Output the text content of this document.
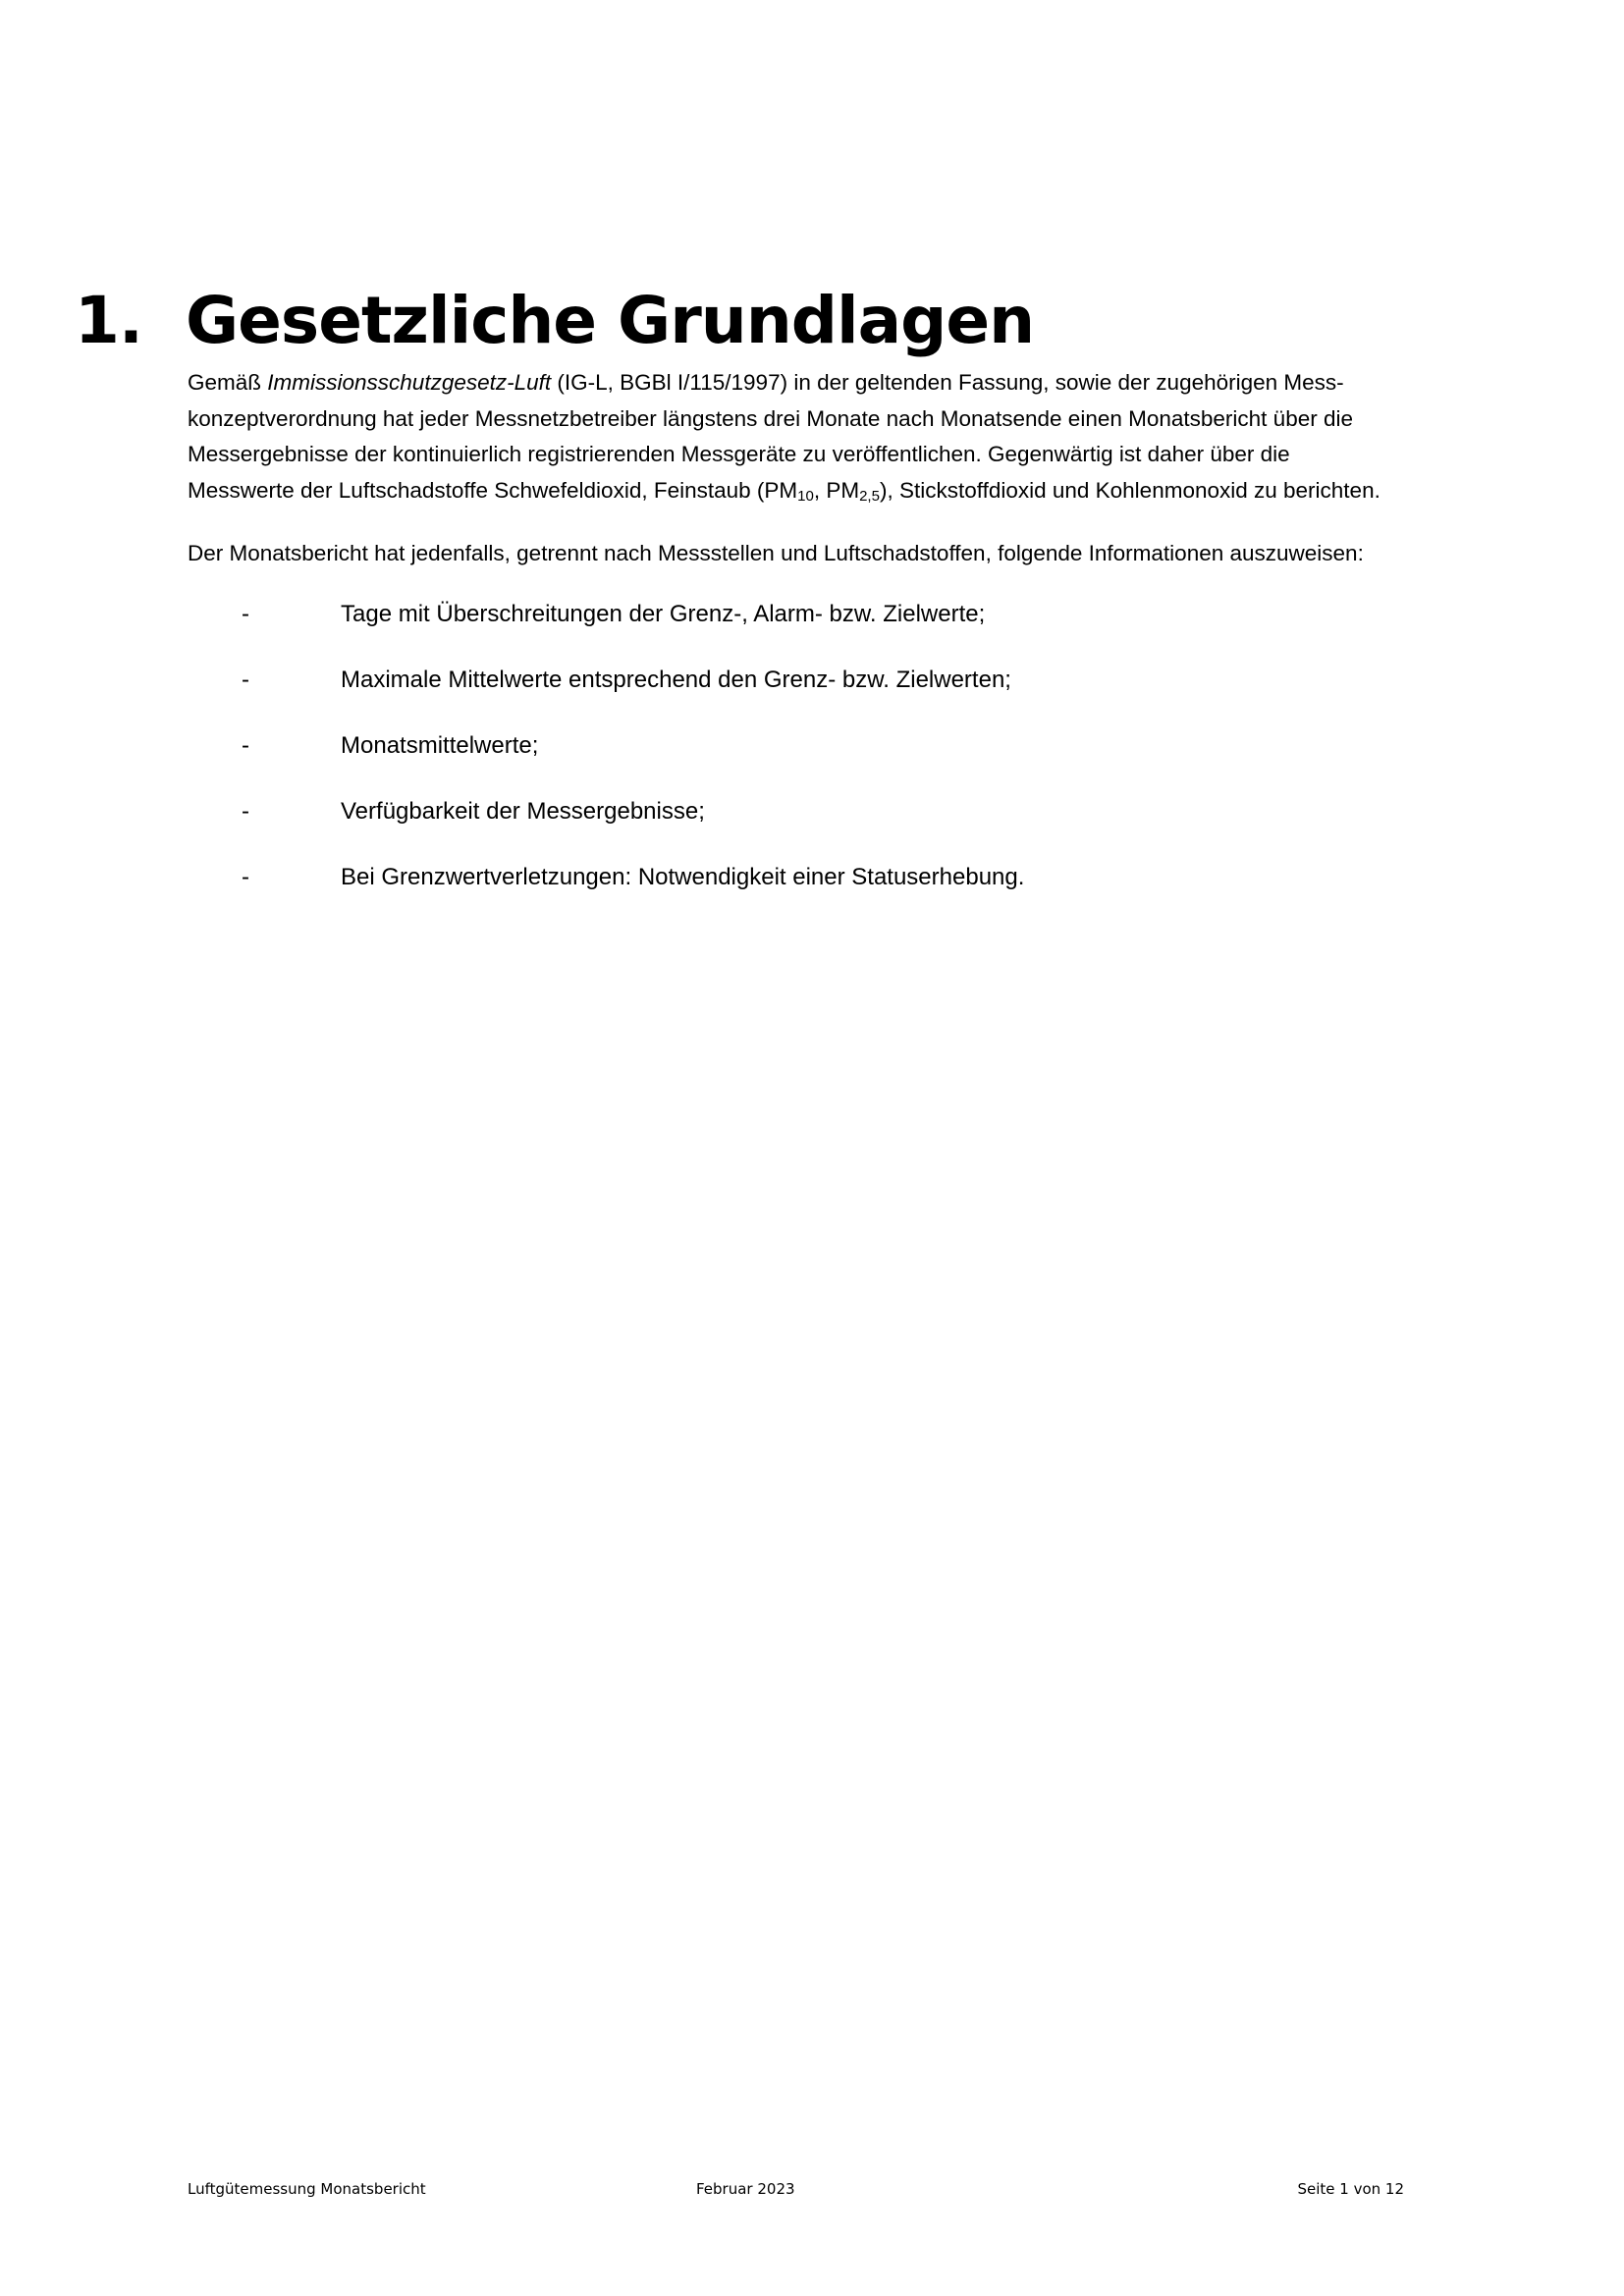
1. Gesetzliche Grundlagen

Gemäß Immissionsschutzgesetz-Luft (IG-L, BGBl I/115/1997) in der geltenden Fassung, sowie der zugehörigen Mess-
konzeptverordnung hat jeder Messnetzbetreiber längstens drei Monate nach Monatsende einen Monatsbericht über die
Messergebnisse der kontinuierlich registrierenden Messgeräte zu veröffentlichen. Gegenwärtig ist daher über die
Messwerte der Luftschadstoffe Schwefeldioxid, Feinstaub ($PM_{10}$, $PM_{2,5}$), Stickstoffdioxid und Kohlenmonoxid zu berichten.

Der Monatsbericht hat jedenfalls, getrennt nach Messstellen und Luftschadstoffen, folgende Informationen auszuweisen:

-	Tage mit Überschreitungen der Grenz-, Alarm- bzw. Zielwerte;
-	Maximale Mittelwerte entsprechend den Grenz- bzw. Zielwerten;
-	Monatsmittelwerte;
-	Verfügbarkeit der Messergebnisse;
-	Bei Grenzwertverletzungen: Notwendigkeit einer Statuserhebung.
Luftgütemessung Monatsbericht	Februar 2023	Seite 1 von 12
